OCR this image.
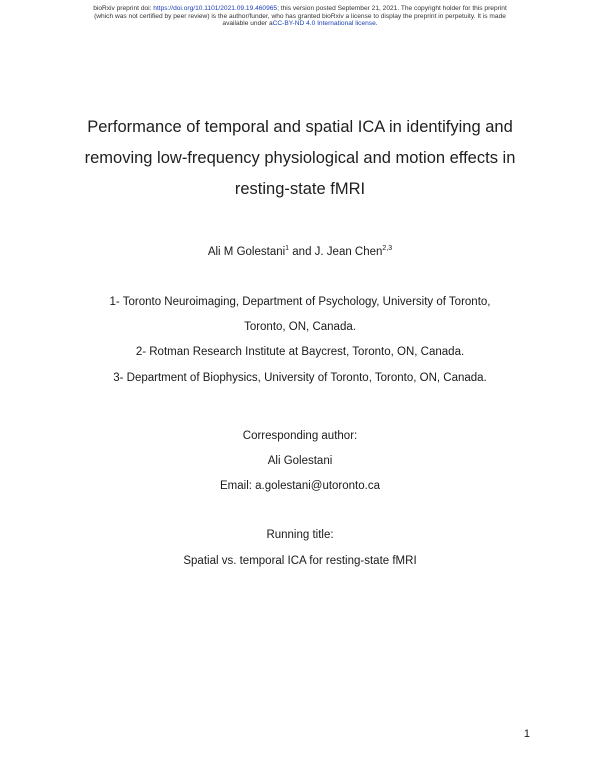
bioRxiv preprint doi: https://doi.org/10.1101/2021.09.19.460965; this version posted September 21, 2021. The copyright holder for this preprint
(which was not certified by peer review) is the author/funder, who has granted bioRxiv a license to display the preprint in perpetuity. It is made
available under aCC-BY-ND 4.0 International license.
Performance of temporal and spatial ICA in identifying and
removing low-frequency physiological and motion effects in
resting-state fMRI
Ali M Golestani$^1$ and J. Jean Chen$^{2,3}$
1- Toronto Neuroimaging, Department of Psychology, University of Toronto,
Toronto, ON, Canada.
2- Rotman Research Institute at Baycrest, Toronto, ON, Canada.
3- Department of Biophysics, University of Toronto, Toronto, ON, Canada.
Corresponding author:
Ali Golestani
Email: a.golestani@utoronto.ca
Running title:
Spatial vs. temporal ICA for resting-state fMRI
1
